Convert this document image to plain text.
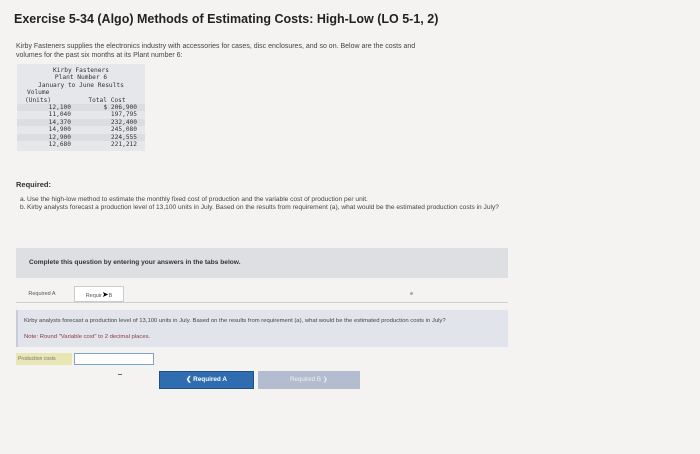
Exercise 5-34 (Algo) Methods of Estimating Costs: High-Low (LO 5-1, 2)
Kirby Fasteners supplies the electronics industry with accessories for cases, disc enclosures, and so on. Below are the costs and
volumes for the past six months at its Plant number 6:
Kirby Fasteners
Plant Number 6
January to June Results
Volume
(Units)	Total Cost
12,100	$ 206,900
11,040	197,795
14,370	232,400
14,900	245,080
12,900	224,555
12,680	221,212
Required:
a. Use the high-low method to estimate the monthly fixed cost of production and the variable cost of production per unit.
b. Kirby analysts forecast a production level of 13,100 units in July. Based on the results from requirement (a), what would be the estimated production costs in July?
Complete this question by entering your answers in the tabs below.
Required A	Requir➤B
Kirby analysts forecast a production level of 13,100 units in July. Based on the results from requirement (a), what would be the estimated production costs in July?
Note: Round "Variable cost" to 2 decimal places.
Production costs
❮ Required A	Required B ❯
